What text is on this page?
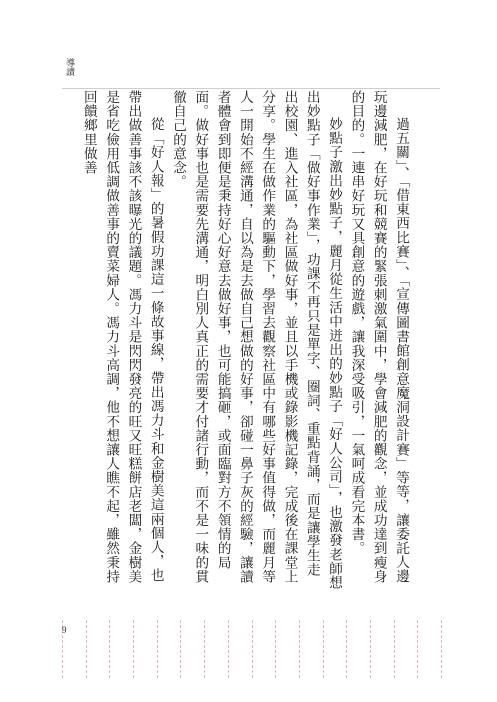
導讀

過五關」、「借東西比賽」、「宣傳圖書館創意魔洞設計賽」等等，讓委託人邊玩邊減肥，在好玩和競賽的緊張刺激氣圍中，學會減肥的觀念，並成功達到瘦身的目的。一連串好玩又具創意的遊戲，讓我深受吸引，一氣呵成看完本書。

妙點子激出妙點子，麗月從生活中迸出的妙點子「好人公司」，也激發老師想出妙點子「做好事作業」，功課不再只是單字、圈詞、重點背誦，而是讓學生走出校園、進入社區，為社區做好事，並且以手機或錄影機記錄，完成後在課堂上分享。學生在做作業的驅動下，學習去觀察社區中有哪些好事值得做，而麗月等人一開始不經溝通，自以為是去做自己想做的好事，卻碰一鼻子灰的經驗，讓讀者體會到即便是秉持好心好意去做好事，也可能搞砸，或面臨對方不領情的局面。做好事也是需要先溝通，明白別人真正的需要才付諸行動，而不是一味的貫徹自己的意念。

從「好人報」的暑假功課這一條故事線，帶出馮力斗和金樹美這兩個人，也帶出做善事該不該曝光的議題。馮力斗是閃閃發亮的旺又旺糕餅店老闆，金樹美是省吃儉用低調做善事的賣菜婦人。馮力斗高調，他不想讓人瞧不起，雖然秉持回饋鄉里做善

9
